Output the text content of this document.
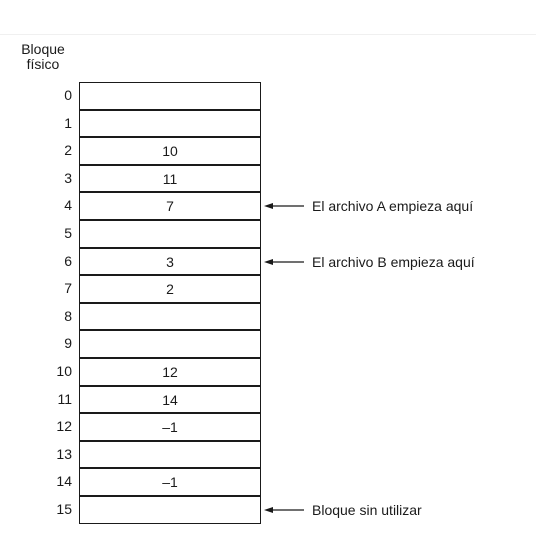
Bloque
físico
0
1
2	10
3	11
4	7
5
6	3
7	2
8
9
10	12
11	14
12	–1
13
14	–1
15
El archivo A empieza aquí
El archivo B empieza aquí
Bloque sin utilizar
